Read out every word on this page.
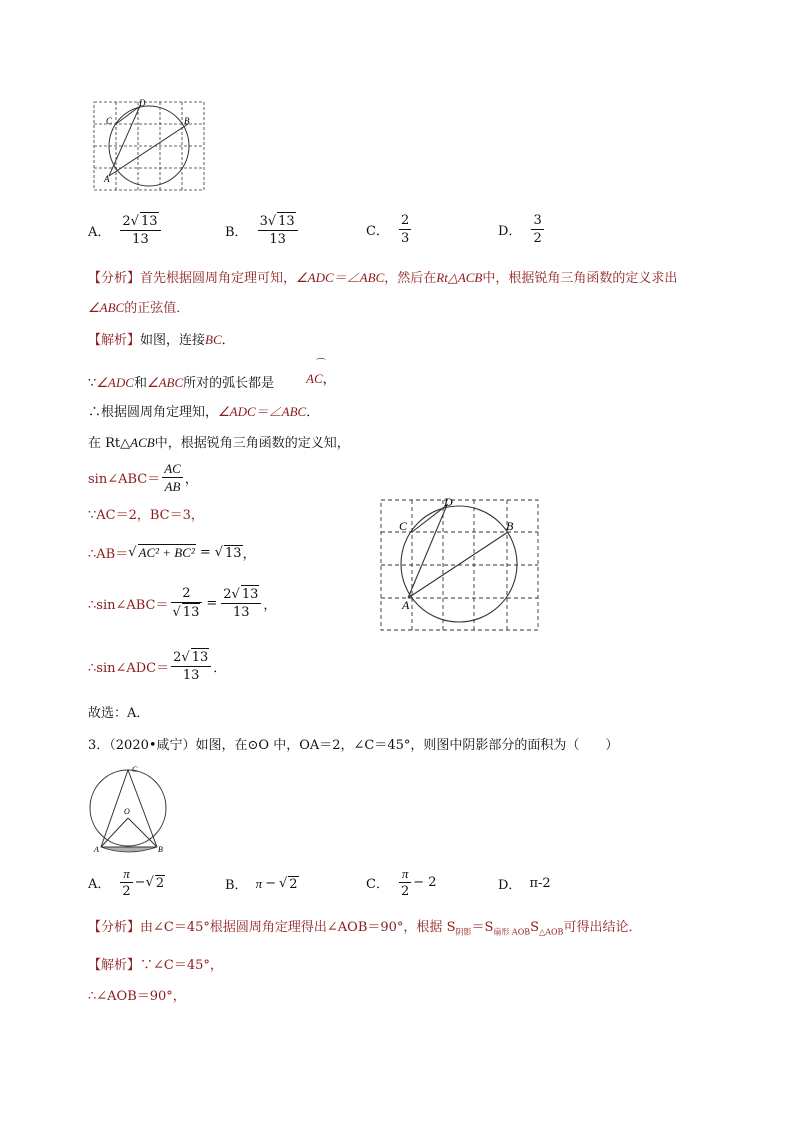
D
C	B
A
A． $\frac{2√ 13}{13}$	B． $\frac{3√ 13}{13}$	C． $\frac{2}{3}$	D． $\frac{3}{2}$
【分析】首先根据圆周角定理可知，∠ADC＝∠ABC，然后在Rt△ACB中，根据锐角三角函数的定义求出
∠ABC的正弦值．
【解析】如图，连接BC．
∵∠ADC和∠ABC所对的弧长都是
⌒
AC，
∴根据圆周角定理知，∠ADC＝∠ABC．
在 Rt△ACB中，根据锐角三角函数的定义知，
sin∠ABC＝ $\frac{AC}{AB}$ ，
∵AC＝2，BC＝3，
∴AB＝ √ AC² + BC² = √ 13 ，
∴sin∠ABC＝ $\frac{2}{√ 13} = \frac{2√ 13}{13}$ ，
∴sin∠ADC＝ $\frac{2√ 13}{13}$ ．
故选：A．
D
C	B
A
3．（2020•咸宁）如图，在⊙O 中，OA＝2，∠C＝45°，则图中阴影部分的面积为（　　）
C
O
A	B
A． $\frac{\pi}{2}$ − √ 2	B． π − √ 2	C． $\frac{\pi}{2} - 2$	D． π-2
【分析】由∠C＝45°根据圆周角定理得出∠AOB＝90°，根据 $S_{阴影}=S_{扇形 AOB}S_{\triangle AOB}$可得出结论．
【解析】∵∠C＝45°，
∴∠AOB＝90°，
